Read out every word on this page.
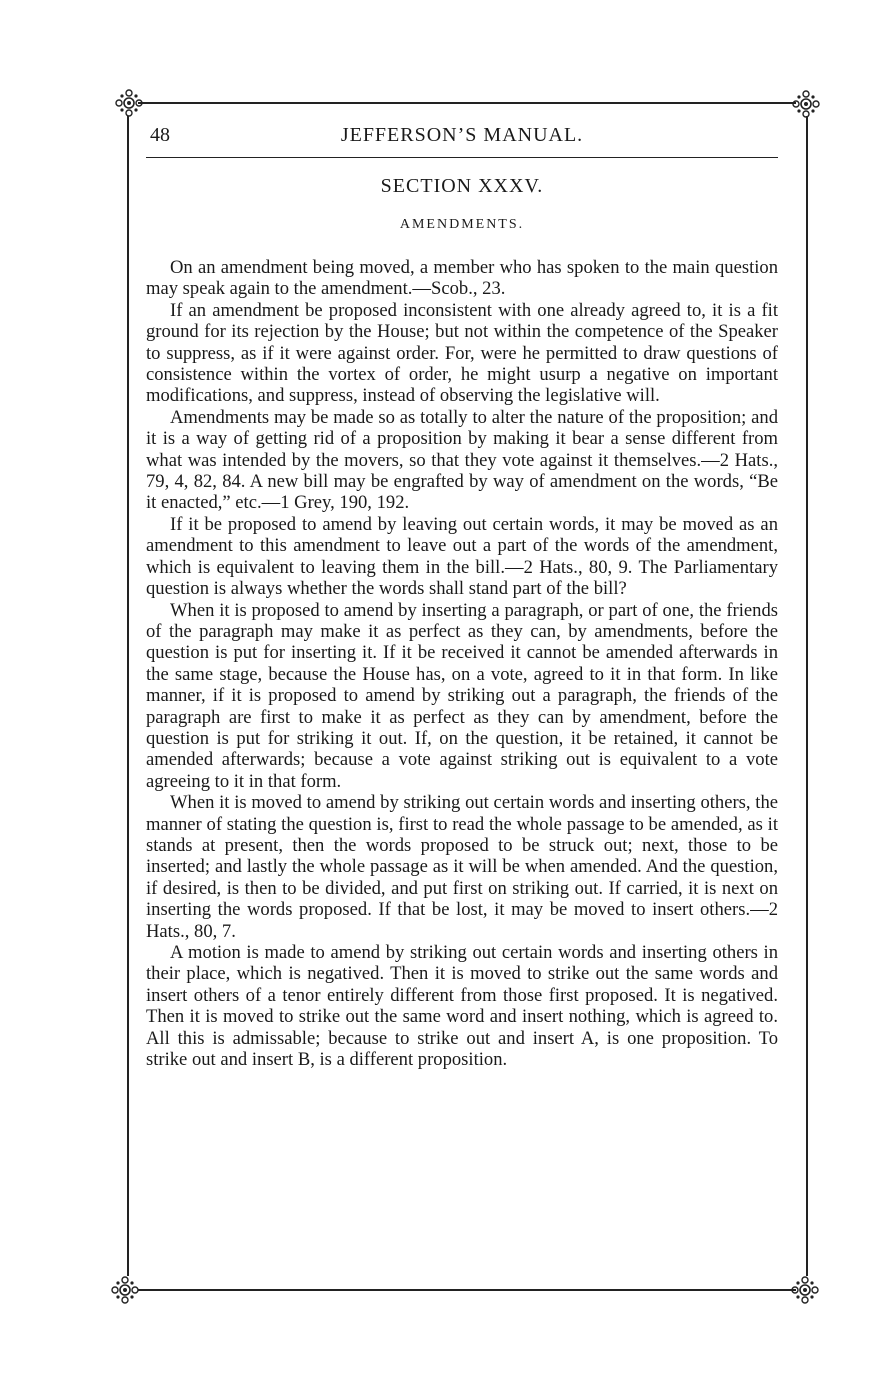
48	JEFFERSON’S MANUAL.
SECTION XXXV.
AMENDMENTS.

On an amendment being moved, a member who has spoken to the main question may speak again to the amendment.—Scob., 23.

If an amendment be proposed inconsistent with one already agreed to, it is a fit ground for its rejection by the House; but not within the competence of the Speaker to suppress, as if it were against order. For, were he permitted to draw questions of consistence within the vortex of order, he might usurp a negative on important modifications, and suppress, instead of observing the legislative will.

Amendments may be made so as totally to alter the nature of the proposition; and it is a way of getting rid of a proposition by making it bear a sense different from what was intended by the movers, so that they vote against it themselves.—2 Hats., 79, 4, 82, 84. A new bill may be engrafted by way of amendment on the words, “Be it enacted,” etc.—1 Grey, 190, 192.

If it be proposed to amend by leaving out certain words, it may be moved as an amendment to this amendment to leave out a part of the words of the amendment, which is equivalent to leaving them in the bill.—2 Hats., 80, 9. The Parliamentary question is always whether the words shall stand part of the bill?

When it is proposed to amend by inserting a paragraph, or part of one, the friends of the paragraph may make it as perfect as they can, by amendments, before the question is put for inserting it. If it be received it cannot be amended afterwards in the same stage, because the House has, on a vote, agreed to it in that form. In like manner, if it is proposed to amend by striking out a paragraph, the friends of the paragraph are first to make it as perfect as they can by amendment, before the question is put for striking it out. If, on the question, it be retained, it cannot be amended afterwards; because a vote against striking out is equivalent to a vote agreeing to it in that form.

When it is moved to amend by striking out certain words and inserting others, the manner of stating the question is, first to read the whole passage to be amended, as it stands at present, then the words proposed to be struck out; next, those to be inserted; and lastly the whole passage as it will be when amended. And the question, if desired, is then to be divided, and put first on striking out. If carried, it is next on inserting the words proposed. If that be lost, it may be moved to insert others.—2 Hats., 80, 7.

A motion is made to amend by striking out certain words and inserting others in their place, which is negatived. Then it is moved to strike out the same words and insert others of a tenor entirely different from those first proposed. It is negatived. Then it is moved to strike out the same word and insert nothing, which is agreed to. All this is admissable; because to strike out and insert A, is one proposition. To strike out and insert B, is a different proposition.
